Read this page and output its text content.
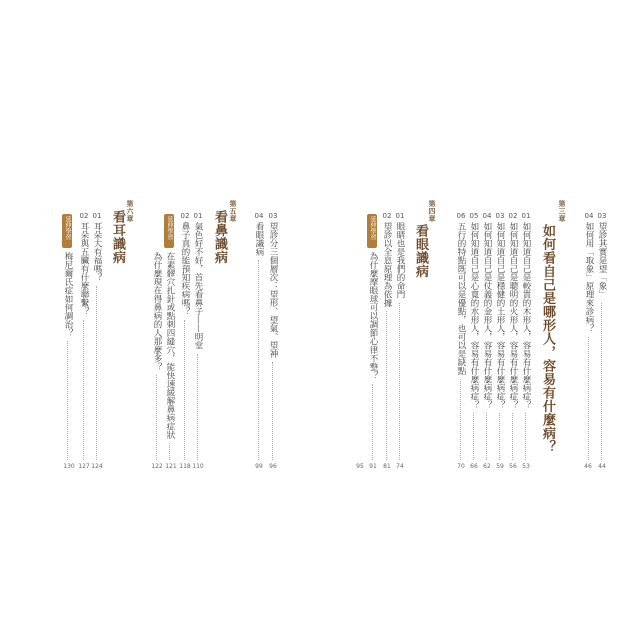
03
望診其實是望「象」
44
04
如何用「取象」原理來診病？
46
第三章
如何看自己是哪形人，容易有什麼病？
01
如何知道自己是較貴的木形人，容易有什麼病症？
53
02
如何知道自己是聰明的火形人，容易有什麼病症？
56
03
如何知道自己是穩健的土形人，容易有什麼病症？
59
04
如何知道自己是仗義的金形人，容易有什麼病症？
62
05
如何知道自己是心寬的水形人，容易有什麼病症？
66
06
五行的特點既可以是優點，也可以是缺點
70
第四章
看眼識病
01
眼睛也是我們的命門
74
02
望診以全息原理為依據
81
延伸學習
為什麼摩眼球可以調節心律不整？
91
95
03
望診分三個層次：望形、望氣、望神
96
04
看眼識病
99
第五章
看鼻識病
01
氣色好不好，首先看鼻子——明堂
110
02
鼻子真的能預知疾病嗎？
118
延伸學習
在素髎穴扎針或點刺四縫穴，能快速緩解鼻病症狀
121
為什麼現在得鼻病的人那麼多？
122
第六章
看耳識病
01
耳朵大有福嗎？
124
02
耳朵與五臟有什麼聯繫？
127
延伸學習
梅尼爾氏症如何調治？
130
